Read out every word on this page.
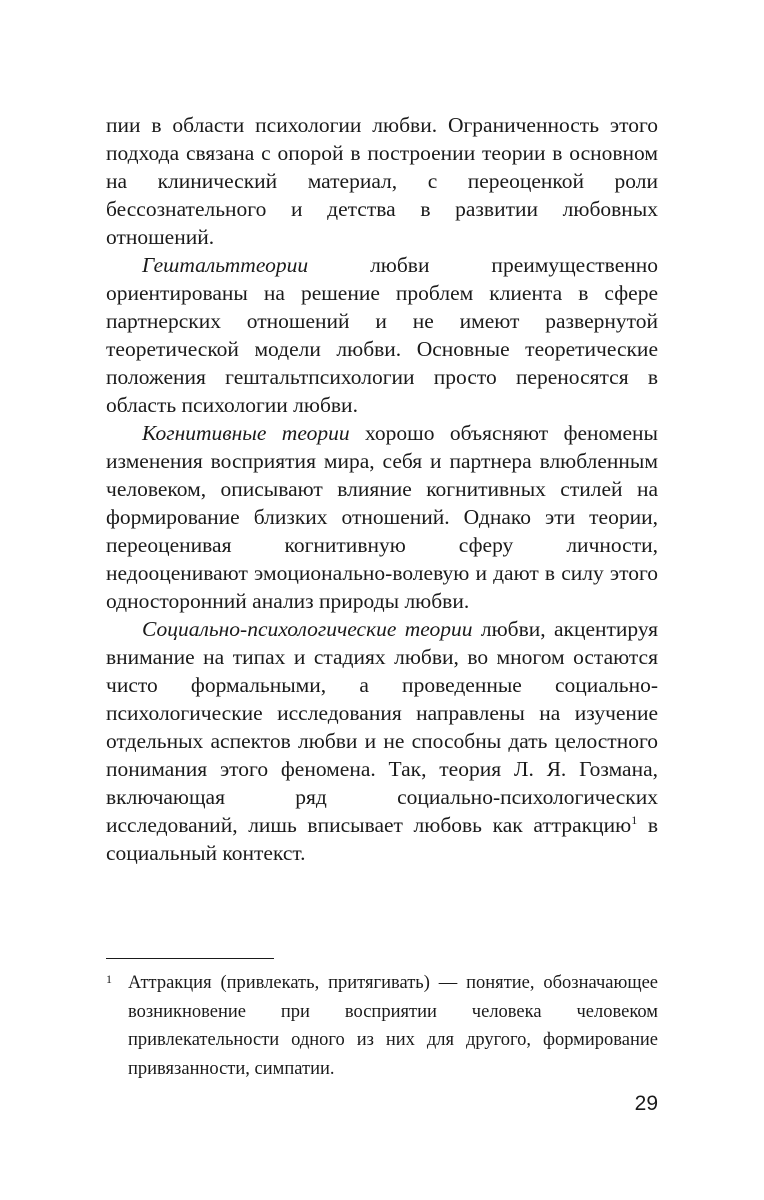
пии в области психологии любви. Ограниченность этого подхода связана с опорой в построении теории в основном на клинический материал, с переоценкой роли бессознательного и детства в развитии любовных отношений.

Гештальттеории любви преимущественно ориентированы на решение проблем клиента в сфере партнерских отношений и не имеют развернутой теоретической модели любви. Основные теоретические положения гештальтпсихологии просто переносятся в область психологии любви.

Когнитивные теории хорошо объясняют феномены изменения восприятия мира, себя и партнера влюбленным человеком, описывают влияние когнитивных стилей на формирование близких отношений. Однако эти теории, переоценивая когнитивную сферу личности, недооценивают эмоционально-волевую и дают в силу этого односторонний анализ природы любви.

Социально-психологические теории любви, акцентируя внимание на типах и стадиях любви, во многом остаются чисто формальными, а проведенные социально-психологические исследования направлены на изучение отдельных аспектов любви и не способны дать целостного понимания этого феномена. Так, теория Л. Я. Гозмана, включающая ряд социально-психологических исследований, лишь вписывает любовь как аттракцию$^1$ в социальный контекст.

1 Аттракция (привлекать, притягивать) — понятие, обозначающее возникновение при восприятии человека человеком привлекательности одного из них для другого, формирование привязанности, симпатии.
29
